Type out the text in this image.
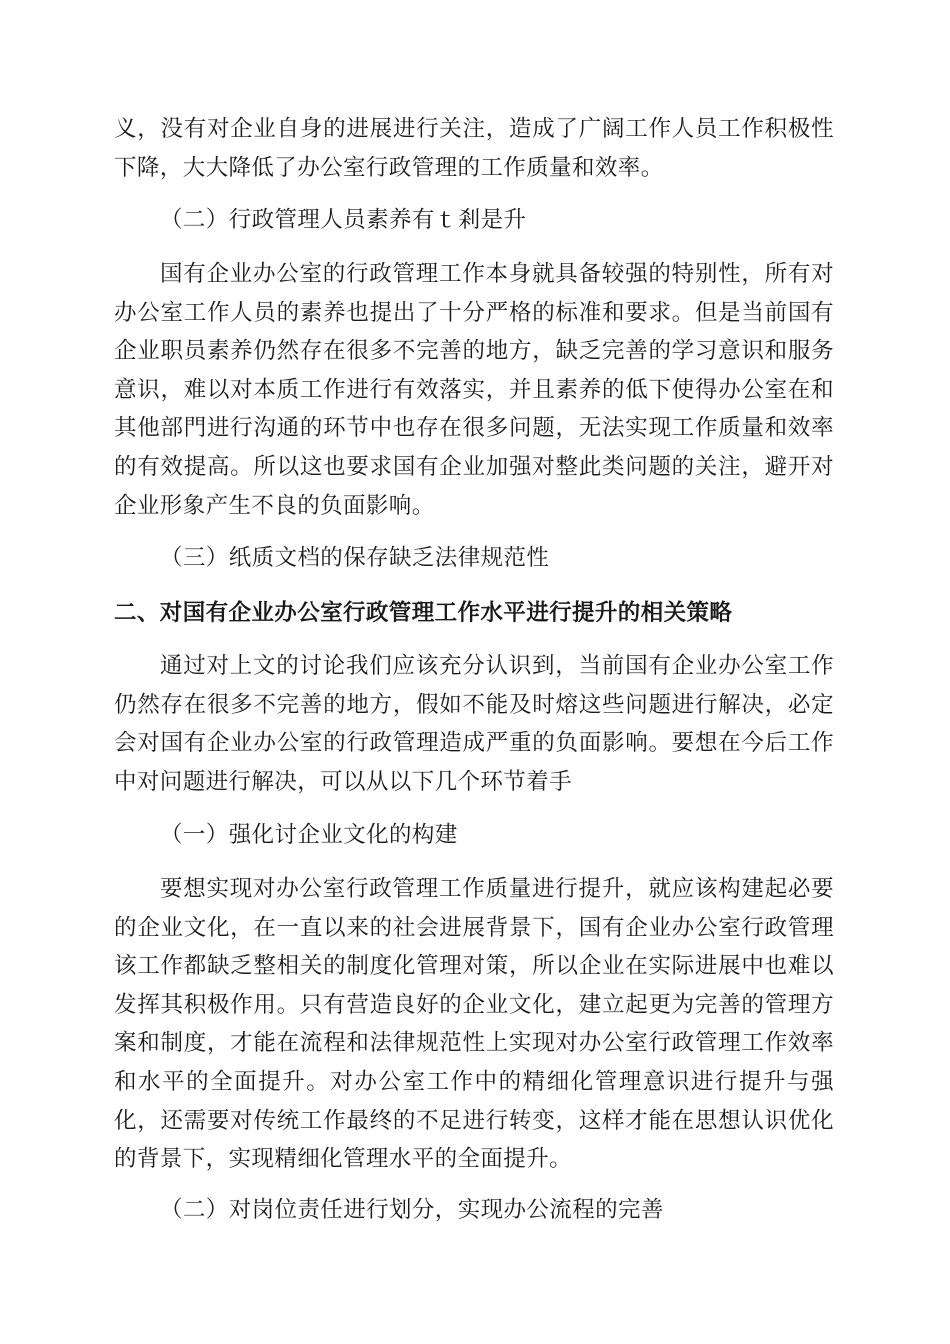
义，没有对企业自身的进展进行关注，造成了广阔工作人员工作积极性下降，大大降低了办公室行政管理的工作质量和效率。

（二）行政管理人员素养有ｔ剎是升

国有企业办公室的行政管理工作本身就具备较强的特别性，所有对办公室工作人员的素养也提出了十分严格的标准和要求。但是当前国有企业职员素养仍然存在很多不完善的地方，缺乏完善的学习意识和服务意识，难以对本质工作进行有效落实，并且素养的低下使得办公室在和其他部門进行沟通的环节中也存在很多问题，无法实现工作质量和效率的有效提高。所以这也要求国有企业加强对整此类问题的关注，避开对企业形象产生不良的负面影响。

（三）纸质文档的保存缺乏法律规范性

二、对国有企业办公室行政管理工作水平进行提升的相关策略

通过对上文的讨论我们应该充分认识到，当前国有企业办公室工作仍然存在很多不完善的地方，假如不能及时熔这些问题进行解决，必定会对国有企业办公室的行政管理造成严重的负面影响。要想在今后工作中对问题进行解决，可以从以下几个环节着手

（一）强化讨企业文化的构建

要想实现对办公室行政管理工作质量进行提升，就应该构建起必要的企业文化，在一直以来的社会进展背景下，国有企业办公室行政管理该工作都缺乏整相关的制度化管理对策，所以企业在实际进展中也难以发挥其积极作用。只有营造良好的企业文化，建立起更为完善的管理方案和制度，才能在流程和法律规范性上实现对办公室行政管理工作效率和水平的全面提升。对办公室工作中的精细化管理意识进行提升与强化，还需要对传统工作最终的不足进行转变，这样才能在思想认识优化的背景下，实现精细化管理水平的全面提升。

（二）对岗位责任进行划分，实现办公流程的完善
